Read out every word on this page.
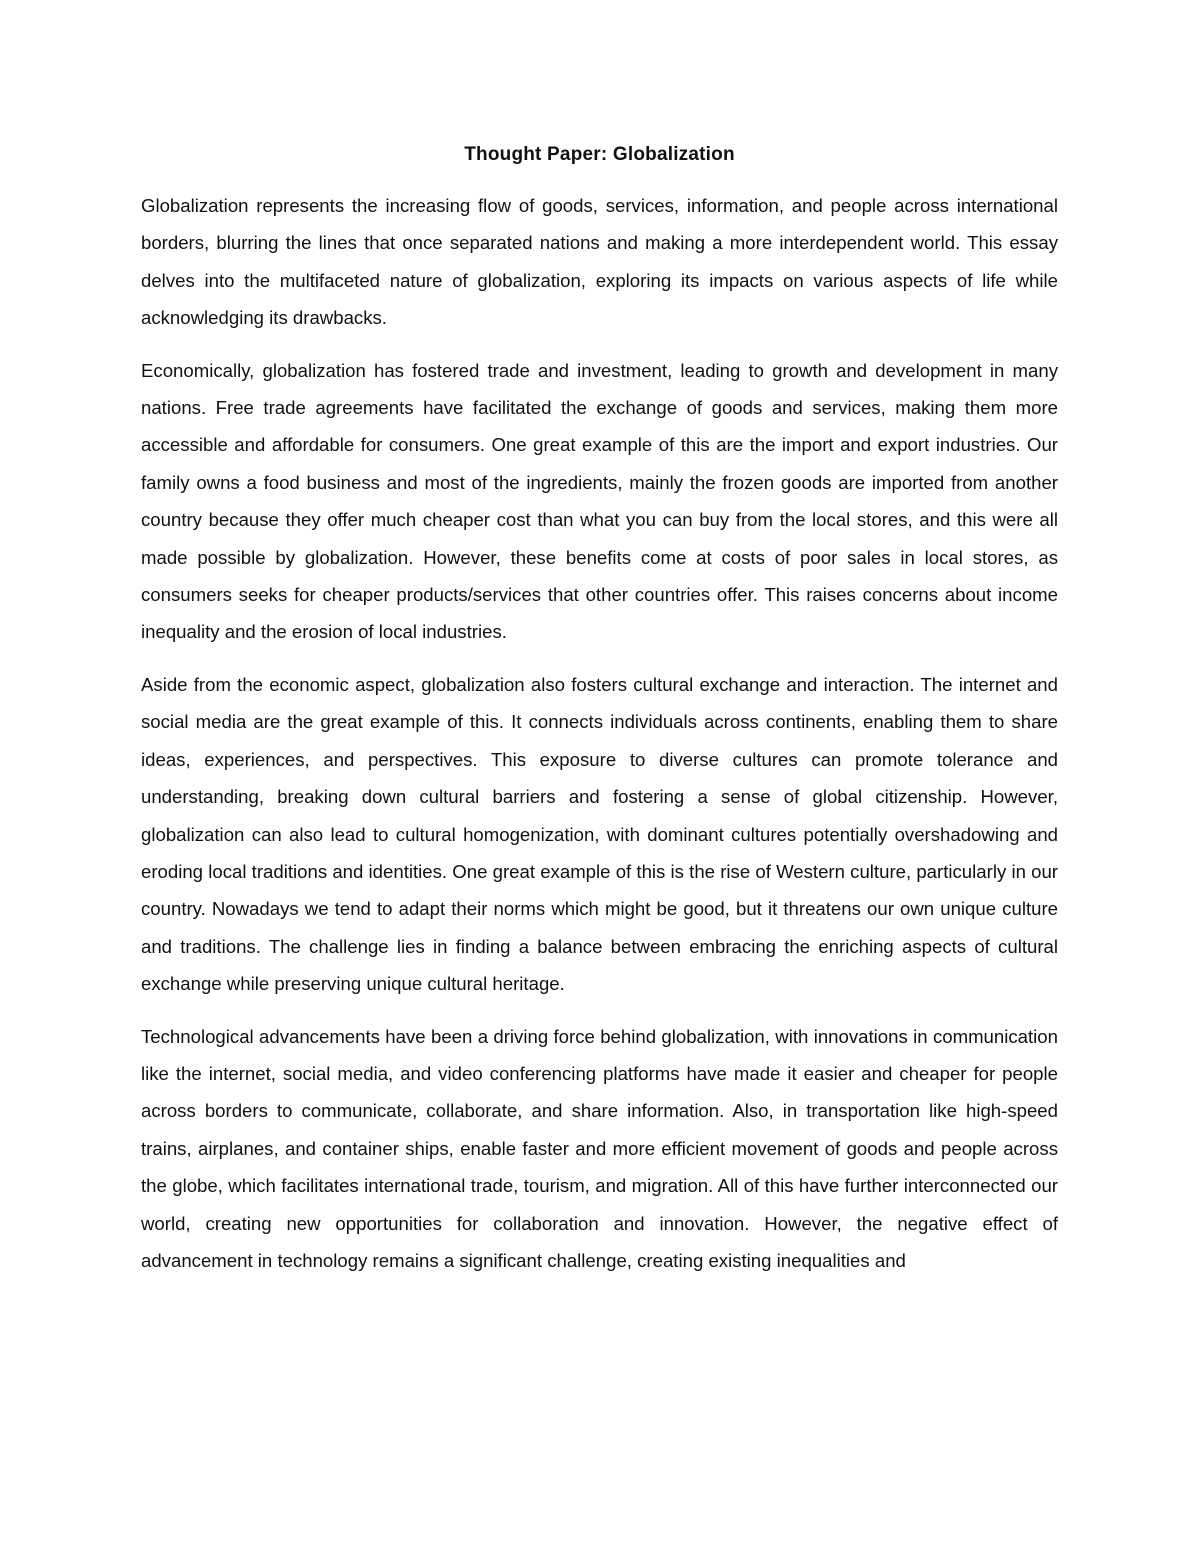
Thought Paper: Globalization

Globalization represents the increasing flow of goods, services, information, and people across international borders, blurring the lines that once separated nations and making a more interdependent world. This essay delves into the multifaceted nature of globalization, exploring its impacts on various aspects of life while acknowledging its drawbacks.

Economically, globalization has fostered trade and investment, leading to growth and development in many nations. Free trade agreements have facilitated the exchange of goods and services, making them more accessible and affordable for consumers. One great example of this are the import and export industries. Our family owns a food business and most of the ingredients, mainly the frozen goods are imported from another country because they offer much cheaper cost than what you can buy from the local stores, and this were all made possible by globalization. However, these benefits come at costs of poor sales in local stores, as consumers seeks for cheaper products/services that other countries offer. This raises concerns about income inequality and the erosion of local industries.

Aside from the economic aspect, globalization also fosters cultural exchange and interaction. The internet and social media are the great example of this. It connects individuals across continents, enabling them to share ideas, experiences, and perspectives. This exposure to diverse cultures can promote tolerance and understanding, breaking down cultural barriers and fostering a sense of global citizenship. However, globalization can also lead to cultural homogenization, with dominant cultures potentially overshadowing and eroding local traditions and identities. One great example of this is the rise of Western culture, particularly in our country. Nowadays we tend to adapt their norms which might be good, but it threatens our own unique culture and traditions. The challenge lies in finding a balance between embracing the enriching aspects of cultural exchange while preserving unique cultural heritage.

Technological advancements have been a driving force behind globalization, with innovations in communication like the internet, social media, and video conferencing platforms have made it easier and cheaper for people across borders to communicate, collaborate, and share information. Also, in transportation like high-speed trains, airplanes, and container ships, enable faster and more efficient movement of goods and people across the globe, which facilitates international trade, tourism, and migration. All of this have further interconnected our world, creating new opportunities for collaboration and innovation. However, the negative effect of advancement in technology remains a significant challenge, creating existing inequalities and
